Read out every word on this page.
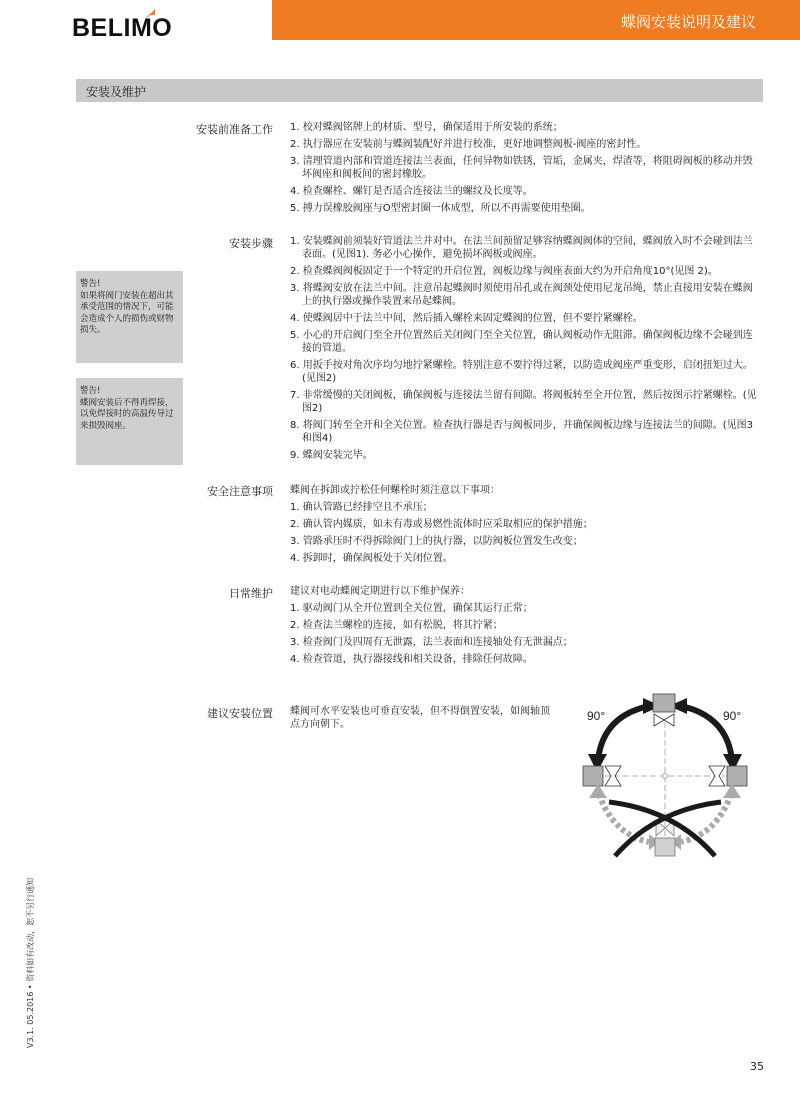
BELIMO	蝶阀安装说明及建议
安装及维护
安装前准备工作 1. 校对蝶阀铭牌上的材质、型号，确保适用于所安装的系统；

2. 执行器应在安装前与蝶阀装配好并进行校准，更好地调整阀板-阀座的密封性。

3. 清理管道内部和管道连接法兰表面，任何异物如铁锈，管垢，金属夹，焊渣等，将阻碍阀板的移动并毁坏阀座和阀板间的密封橡胶。

4. 检查螺栓、螺钉是否适合连接法兰的螺纹及长度等。

5. 搏力误橡胶阀座与O型密封圈一体成型，所以不再需要使用垫圈。

安装步骤 1. 安装蝶阀前须装好管道法兰并对中。在法兰间预留足够容纳蝶阀阀体的空间，蝶阀放入时不会碰到法兰表面。(见图1). 务必小心操作，避免损坏阀板或阀座。

2. 检查蝶阀阀板固定于一个特定的开启位置，阀板边缘与阀座表面大约为开启角度10°(见图 2)。

3. 将蝶阀安放在法兰中间。注意吊起蝶阀时须使用吊孔或在阀颈处使用尼龙吊绳，禁止直接用安装在蝶阀上的执行器或操作装置来吊起蝶阀。

4. 使蝶阀居中于法兰中间，然后插入螺栓来固定蝶阀的位置，但不要拧紧螺栓。

5. 小心的开启阀门至全开位置然后关闭阀门至全关位置，确认阀板动作无阻滞。确保阀板边缘不会碰到连接的管道。

6. 用扳手按对角次序均匀地拧紧螺栓。特别注意不要拧得过紧，以防造成阀座严重变形，启闭扭矩过大。(见图2)

7. 非常缓慢的关闭阀板，确保阀板与连接法兰留有间隙。将阀板转至全开位置，然后按图示拧紧螺栓。(见图2)

8. 将阀门转至全开和全关位置。检查执行器是否与阀板同步，并确保阀板边缘与连接法兰的间隙。(见图3和图4)

9. 蝶阀安装完毕。

警告!

如果将阀门安装在超出其承受范围的情况下，可能会造成个人的损伤或财物损失。

警告!

蝶阀安装后不得再焊接，以免焊接时的高温传导过来损毁阀座。

安全注意事项 蝶阀在拆卸或拧松任何螺栓时须注意以下事项：

1. 确认管路已经排空且不承压；

2. 确认管内媒质，如未有毒或易燃性流体时应采取相应的保护措施；

3. 管路承压时不得拆除阀门上的执行器，以防阀板位置发生改变；

4. 拆卸时，确保阀板处于关闭位置。

日常维护 建议对电动蝶阀定期进行以下维护保养：

1. 驱动阀门从全开位置到全关位置，确保其运行正常；

2. 检查法兰螺栓的连接，如有松脱，将其拧紧；

3. 检查阀门及四周有无泄露，法兰表面和连接轴处有无泄漏点；

4. 检查管道，执行器接线和相关设备，排除任何故障。

建议安装位置 蝶阀可水平安装也可垂直安装，但不得倒置安装，如阀轴顶点方向朝下。

90°	90°
V3.1. 05.2016 • 资料如有改动，恕不另行通知
35
